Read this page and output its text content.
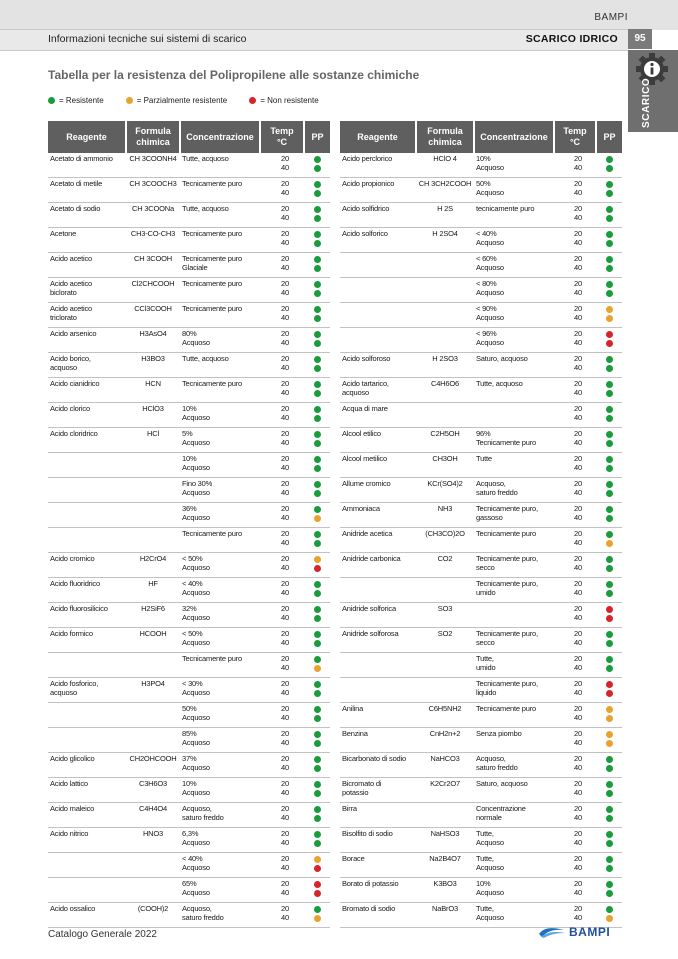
BAMPI
Informazioni tecniche sui sistemi di scarico	SCARICO IDRICO	95
SCARICO
Tabella per la resistenza del Polipropilene alle sostanze chimiche
= Resistente	= Parzialmente resistente	= Non resistente
Reagente	Formula
chimica	Concentrazione	Temp
°C	PP
Acetato di ammonio	CH 3COONH4	Tutte, acquoso	20
40	

Acetato di metile	CH 3COOCH3	Tecnicamente puro	20
40	

Acetato di sodio	CH 3COONa	Tutte, acquoso	20
40	

Acetone	CH3-CO-CH3	Tecnicamente puro	20
40	

Acido acetico	CH 3COOH	Tecnicamente puro
Glaciale	20
40	

Acido acetico
biclorato	Cl2CHCOOH	Tecnicamente puro	20
40	

Acido acetico
triclorato	CCl3COOH	Tecnicamente puro	20
40	

Acido arsenico	H3AsO4	80%
Acquoso	20
40	

Acido borico,
acquoso	H3BO3	Tutte, acquoso	20
40	

Acido cianidrico	HCN	Tecnicamente puro	20
40	

Acido clorico	HClO3	10%
Acquoso	20
40	

Acido cloridrico	HCl	5%
Acquoso	20
40	

		10%
Acquoso	20
40	

		Fino 30%
Acquoso	20
40	

		36%
Acquoso	20
40	

		Tecnicamente puro	20
40	

Acido cromico	H2CrO4	< 50%
Acquoso	20
40	

Acido fluoridrico	HF	< 40%
Acquoso	20
40	

Acido fluorosilicico	H2SiF6	32%
Acquoso	20
40	

Acido formico	HCOOH	< 50%
Acquoso	20
40	

		Tecnicamente puro	20
40	

Acido fosforico,
acquoso	H3PO4	< 30%
Acquoso	20
40	

		50%
Acquoso	20
40	

		85%
Acquoso	20
40	

Acido glicolico	CH2OHCOOH	37%
Acquoso	20
40	

Acido lattico	C3H6O3	10%
Acquoso	20
40	

Acido maleico	C4H4O4	Acquoso,
saturo freddo	20
40	

Acido nitrico	HNO3	6,3%
Acquoso	20
40	

		< 40%
Acquoso	20
40	

		65%
Acquoso	20
40	

Acido ossalico	(COOH)2	Acquoso,
saturo freddo	20
40	
Reagente	Formula
chimica	Concentrazione	Temp
°C	PP
Acido perclorico	HClO 4	10%
Acquoso	20
40	

Acido propionico	CH 3CH2COOH	50%
Acquoso	20
40	

Acido solfidrico	H 2S	tecnicamente puro	20
40	

Acido solforico	H 2SO4	< 40%
Acquoso	20
40	

		< 60%
Acquoso	20
40	

		< 80%
Acquoso	20
40	

		< 90%
Acquoso	20
40	

		< 96%
Acquoso	20
40	

Acido solforoso	H 2SO3	Saturo, acquoso	20
40	

Acido tartarico,
acquoso	C4H6O6	Tutte, acquoso	20
40	

Acqua di mare			20
40	

Alcool etilico	C2H5OH	96%
Tecnicamente puro	20
40	

Alcool metilico	CH3OH	Tutte	20
40	

Allume cromico	KCr(SO4)2	Acquoso,
saturo freddo	20
40	

Ammoniaca	NH3	Tecnicamente puro,
gassoso	20
40	

Anidride acetica	(CH3CO)2O	Tecnicamente puro	20
40	

Anidride carbonica	CO2	Tecnicamente puro,
secco	20
40	

		Tecnicamente puro,
umido	20
40	

Anidride solforica	SO3		20
40	

Anidride solforosa	SO2	Tecnicamente puro,
secco	20
40	

		Tutte,
umido	20
40	

		Tecnicamente puro,
liquido	20
40	

Anilina	C6H5NH2	Tecnicamente puro	20
40	

Benzina	CnH2n+2	Senza piombo	20
40	

Bicarbonato di sodio	NaHCO3	Acquoso,
saturo freddo	20
40	

Bicromato di
potassio	K2Cr2O7	Saturo, acquoso	20
40	

Birra		Concentrazione
normale	20
40	

Bisolfito di sodio	NaHSO3	Tutte,
Acquoso	20
40	

Borace	Na2B4O7	Tutte,
Acquoso	20
40	

Borato di potassio	K3BO3	10%
Acquoso	20
40	

Bromato di sodio	NaBrO3	Tutte,
Acquoso	20
40	
Catalogo Generale 2022	BAMPI
